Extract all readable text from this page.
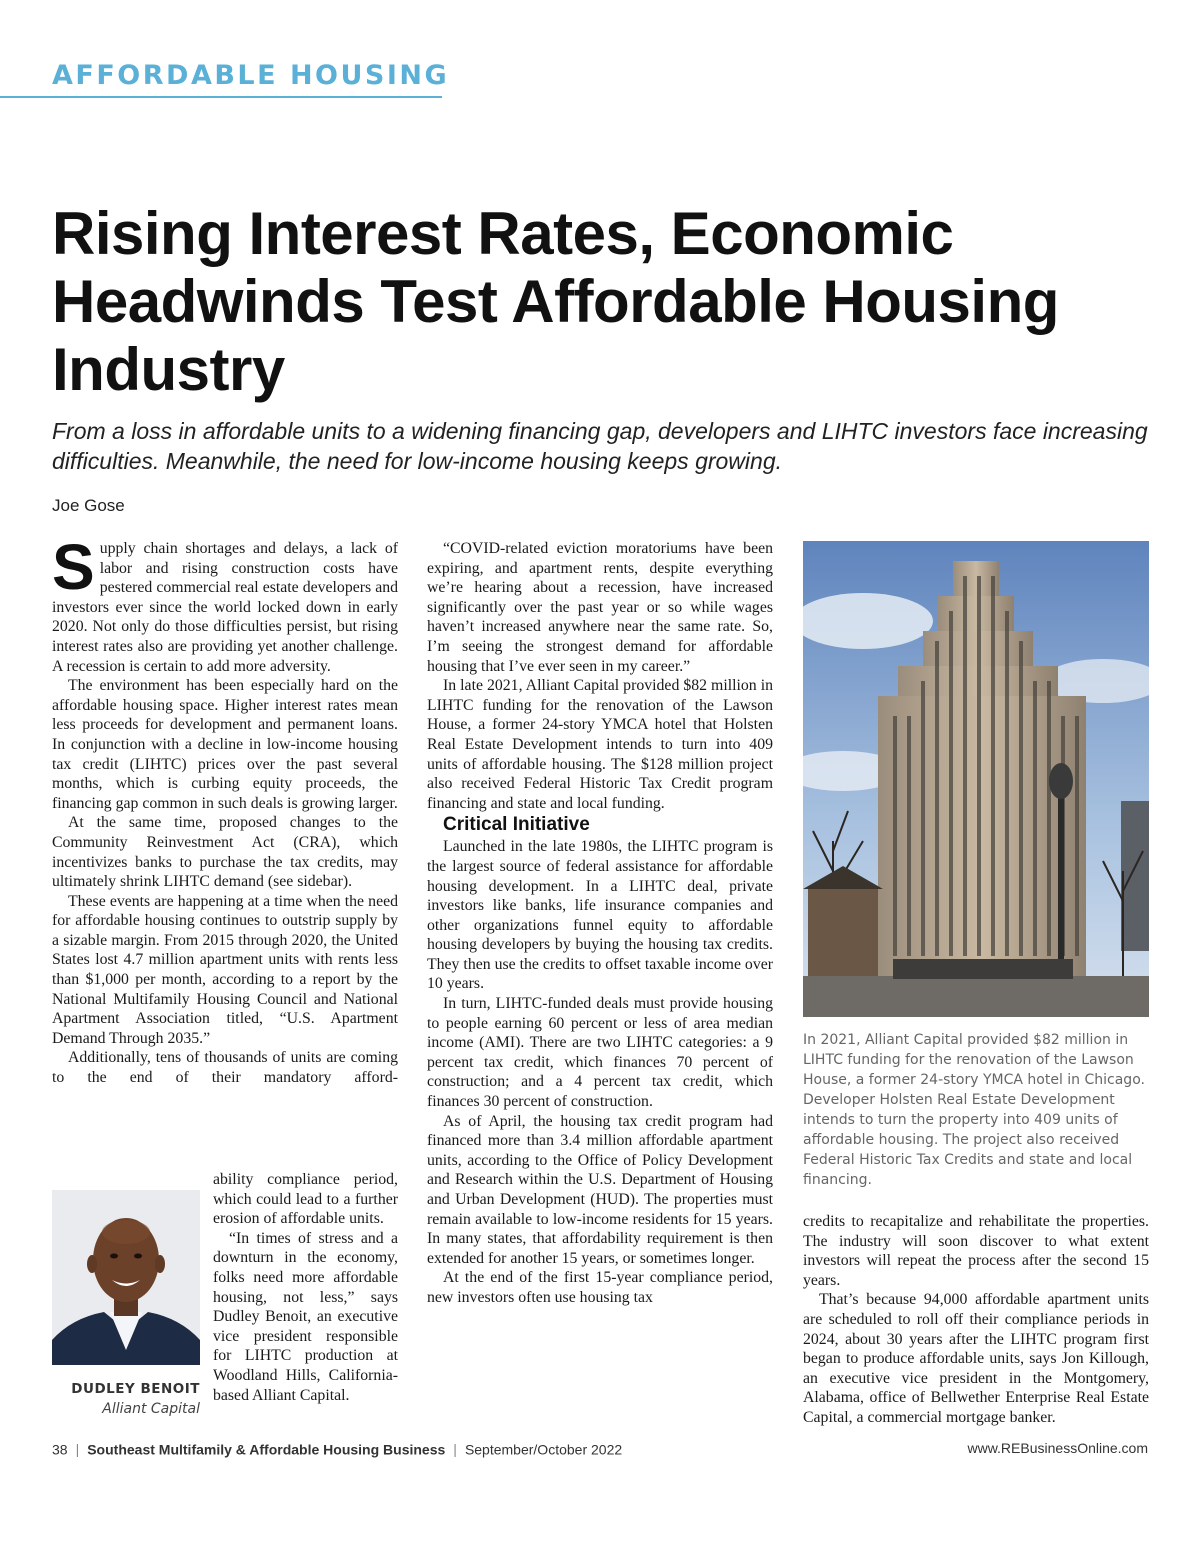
AFFORDABLE HOUSING
Rising Interest Rates, Economic Headwinds Test Affordable Housing Industry

From a loss in affordable units to a widening financing gap, developers and LIHTC investors face increasing difficulties. Meanwhile, the need for low-income housing keeps growing.

Joe Gose

Supply chain shortages and delays, a lack of labor and rising construction costs have pestered commercial real estate developers and investors ever since the world locked down in early 2020. Not only do those difficulties persist, but rising interest rates also are providing yet another challenge. A recession is certain to add more adversity.

The environment has been especially hard on the affordable housing space. Higher interest rates mean less proceeds for development and permanent loans. In conjunction with a decline in low-income housing tax credit (LIHTC) prices over the past several months, which is curbing equity proceeds, the financing gap common in such deals is growing larger.

At the same time, proposed changes to the Community Reinvestment Act (CRA), which incentivizes banks to purchase the tax credits, may ultimately shrink LIHTC demand (see sidebar).

These events are happening at a time when the need for affordable housing continues to outstrip supply by a sizable margin. From 2015 through 2020, the United States lost 4.7 million apartment units with rents less than $1,000 per month, according to a report by the National Multifamily Housing Council and National Apartment Association titled, “U.S. Apartment Demand Through 2035.”

Additionally, tens of thousands of units are coming to the end of their mandatory afford-

ability compliance period, which could lead to a further erosion of affordable units.

“In times of stress and a downturn in the economy, folks need more affordable housing, not less,” says Dudley Benoit, an executive vice president responsible for LIHTC production at Woodland Hills, California-based Alliant Capital.

DUDLEY BENOIT
Alliant Capital

“COVID-related eviction moratoriums have been expiring, and apartment rents, despite everything we’re hearing about a recession, have increased significantly over the past year or so while wages haven’t increased anywhere near the same rate. So, I’m seeing the strongest demand for affordable housing that I’ve ever seen in my career.”

In late 2021, Alliant Capital provided $82 million in LIHTC funding for the renovation of the Lawson House, a former 24-story YMCA hotel that Holsten Real Estate Development intends to turn into 409 units of affordable housing. The $128 million project also received Federal Historic Tax Credit program financing and state and local funding.

Critical Initiative

Launched in the late 1980s, the LIHTC program is the largest source of federal assistance for affordable housing development. In a LIHTC deal, private investors like banks, life insurance companies and other organizations funnel equity to affordable housing developers by buying the housing tax credits. They then use the credits to offset taxable income over 10 years.

In turn, LIHTC-funded deals must provide housing to people earning 60 percent or less of area median income (AMI). There are two LIHTC categories: a 9 percent tax credit, which finances 70 percent of construction; and a 4 percent tax credit, which finances 30 percent of construction.

As of April, the housing tax credit program had financed more than 3.4 million affordable apartment units, according to the Office of Policy Development and Research within the U.S. Department of Housing and Urban Development (HUD). The properties must remain available to low-income residents for 15 years. In many states, that affordability requirement is then extended for another 15 years, or sometimes longer.

At the end of the first 15-year compliance period, new investors often use housing tax

In 2021, Alliant Capital provided $82 million in LIHTC funding for the renovation of the Lawson House, a former 24-story YMCA hotel in Chicago. Developer Holsten Real Estate Development intends to turn the property into 409 units of affordable housing. The project also received Federal Historic Tax Credits and state and local financing.

credits to recapitalize and rehabilitate the properties. The industry will soon discover to what extent investors will repeat the process after the second 15 years.

That’s because 94,000 affordable apartment units are scheduled to roll off their compliance periods in 2024, about 30 years after the LIHTC program first began to produce affordable units, says Jon Killough, an executive vice president in the Montgomery, Alabama, office of Bellwether Enterprise Real Estate Capital, a commercial mortgage banker.

38 | Southeast Multifamily & Affordable Housing Business | September/October 2022	www.REBusinessOnline.com
